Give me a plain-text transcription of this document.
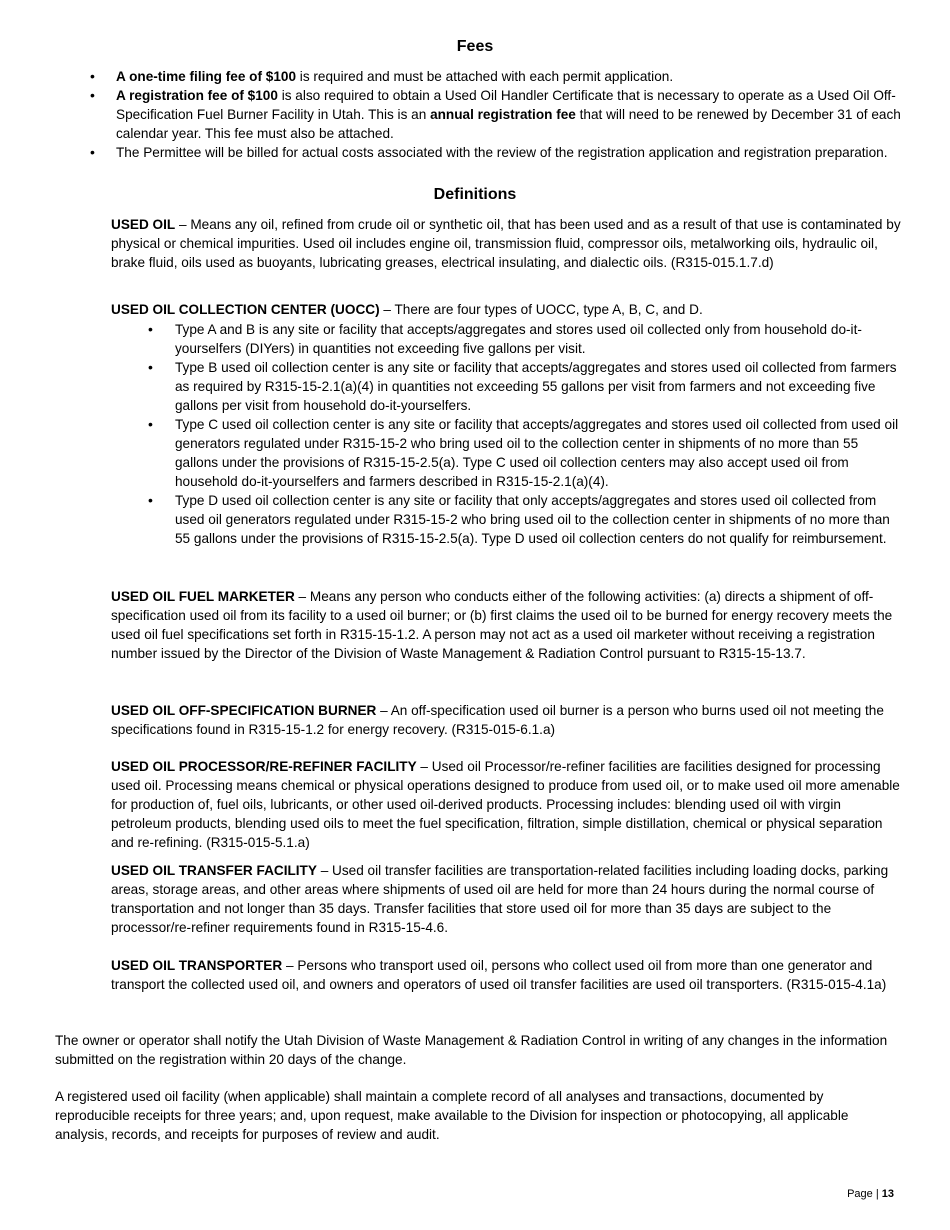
Fees
• A one-time filing fee of $100 is required and must be attached with each permit application.
• A registration fee of $100 is also required to obtain a Used Oil Handler Certificate that is necessary to operate as a Used Oil Off-Specification Fuel Burner Facility in Utah. This is an annual registration fee that will need to be renewed by December 31 of each calendar year. This fee must also be attached.
• The Permittee will be billed for actual costs associated with the review of the registration application and registration preparation.
Definitions

USED OIL – Means any oil, refined from crude oil or synthetic oil, that has been used and as a result of that use is contaminated by physical or chemical impurities. Used oil includes engine oil, transmission fluid, compressor oils, metalworking oils, hydraulic oil, brake fluid, oils used as buoyants, lubricating greases, electrical insulating, and dialectic oils. (R315-015.1.7.d)

USED OIL COLLECTION CENTER (UOCC) – There are four types of UOCC, type A, B, C, and D.

• Type A and B is any site or facility that accepts/aggregates and stores used oil collected only from household do-it-yourselfers (DIYers) in quantities not exceeding five gallons per visit.
• Type B used oil collection center is any site or facility that accepts/aggregates and stores used oil collected from farmers as required by R315-15-2.1(a)(4) in quantities not exceeding 55 gallons per visit from farmers and not exceeding five gallons per visit from household do-it-yourselfers.
• Type C used oil collection center is any site or facility that accepts/aggregates and stores used oil collected from used oil generators regulated under R315-15-2 who bring used oil to the collection center in shipments of no more than 55 gallons under the provisions of R315-15-2.5(a). Type C used oil collection centers may also accept used oil from household do-it-yourselfers and farmers described in R315-15-2.1(a)(4).
• Type D used oil collection center is any site or facility that only accepts/aggregates and stores used oil collected from used oil generators regulated under R315-15-2 who bring used oil to the collection center in shipments of no more than 55 gallons under the provisions of R315-15-2.5(a). Type D used oil collection centers do not qualify for reimbursement.

USED OIL FUEL MARKETER – Means any person who conducts either of the following activities: (a) directs a shipment of off-specification used oil from its facility to a used oil burner; or (b) first claims the used oil to be burned for energy recovery meets the used oil fuel specifications set forth in R315-15-1.2. A person may not act as a used oil marketer without receiving a registration number issued by the Director of the Division of Waste Management & Radiation Control pursuant to R315-15-13.7.

USED OIL OFF-SPECIFICATION BURNER – An off-specification used oil burner is a person who burns used oil not meeting the specifications found in R315-15-1.2 for energy recovery. (R315-015-6.1.a)

USED OIL PROCESSOR/RE-REFINER FACILITY – Used oil Processor/re-refiner facilities are facilities designed for processing used oil. Processing means chemical or physical operations designed to produce from used oil, or to make used oil more amenable for production of, fuel oils, lubricants, or other used oil-derived products. Processing includes: blending used oil with virgin petroleum products, blending used oils to meet the fuel specification, filtration, simple distillation, chemical or physical separation and re-refining. (R315-015-5.1.a)

USED OIL TRANSFER FACILITY – Used oil transfer facilities are transportation-related facilities including loading docks, parking areas, storage areas, and other areas where shipments of used oil are held for more than 24 hours during the normal course of transportation and not longer than 35 days. Transfer facilities that store used oil for more than 35 days are subject to the processor/re-refiner requirements found in R315-15-4.6.

USED OIL TRANSPORTER – Persons who transport used oil, persons who collect used oil from more than one generator and transport the collected used oil, and owners and operators of used oil transfer facilities are used oil transporters. (R315-015-4.1a)

The owner or operator shall notify the Utah Division of Waste Management & Radiation Control in writing of any changes in the information submitted on the registration within 20 days of the change.

A registered used oil facility (when applicable) shall maintain a complete record of all analyses and transactions, documented by reproducible receipts for three years; and, upon request, make available to the Division for inspection or photocopying, all applicable analysis, records, and receipts for purposes of review and audit.

Page | 13
